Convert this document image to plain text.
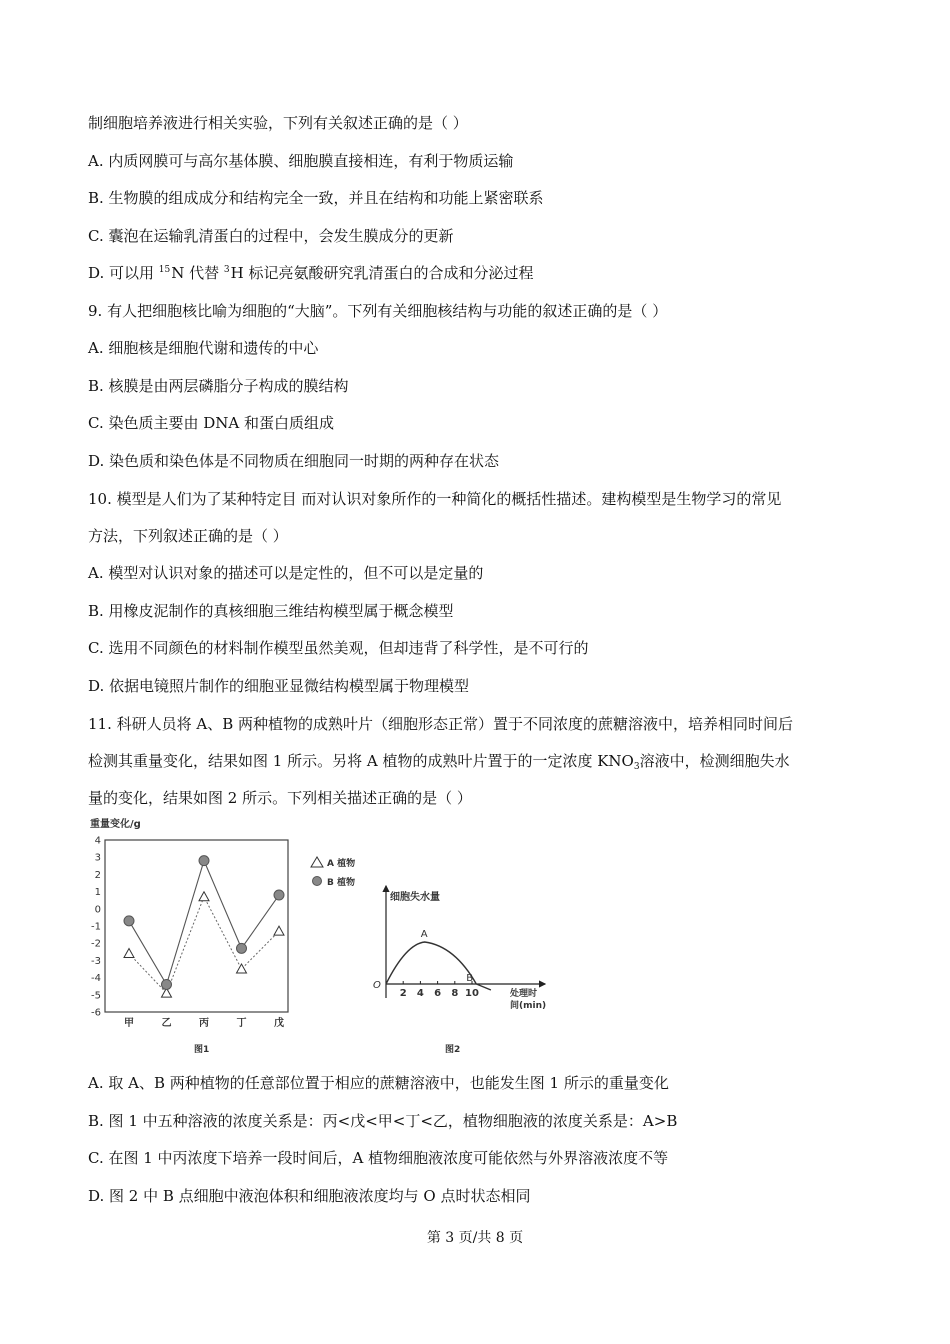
制细胞培养液进行相关实验，下列有关叙述正确的是（ ）
A. 内质网膜可与高尔基体膜、细胞膜直接相连，有利于物质运输
B. 生物膜的组成成分和结构完全一致，并且在结构和功能上紧密联系
C. 囊泡在运输乳清蛋白的过程中，会发生膜成分的更新
D. 可以用 $^{15}$N 代替 $^3$H 标记亮氨酸研究乳清蛋白的合成和分泌过程
9. 有人把细胞核比喻为细胞的“大脑”。下列有关细胞核结构与功能的叙述正确的是（ ）
A. 细胞核是细胞代谢和遗传的中心
B. 核膜是由两层磷脂分子构成的膜结构
C. 染色质主要由 DNA 和蛋白质组成
D. 染色质和染色体是不同物质在细胞同一时期的两种存在状态
10. 模型是人们为了某种特定目 而对认识对象所作的一种简化的概括性描述。建构模型是生物学习的常见
方法，下列叙述正确的是（ ）
A. 模型对认识对象的描述可以是定性的，但不可以是定量的
B. 用橡皮泥制作的真核细胞三维结构模型属于概念模型
C. 选用不同颜色的材料制作模型虽然美观，但却违背了科学性，是不可行的
D. 依据电镜照片制作的细胞亚显微结构模型属于物理模型
11. 科研人员将 A、B 两种植物的成熟叶片（细胞形态正常）置于不同浓度的蔗糖溶液中，培养相同时间后
检测其重量变化，结果如图 1 所示。另将 A 植物的成熟叶片置于的一定浓度 $KNO_3$溶液中，检测细胞失水
量的变化，结果如图 2 所示。下列相关描述正确的是（ ）
重量变化/g
4
3
2
1
0
-1
-2
-3
-4
-5
-6
甲	乙	丙	丁	戊
A 植物
B 植物
图1
细胞失水量
O
2 4 6 8 10
A
B
处理时
间(min)
图2
A. 取 A、B 两种植物的任意部位置于相应的蔗糖溶液中，也能发生图 1 所示的重量变化
B. 图 1 中五种溶液的浓度关系是：丙<戊<甲<丁<乙，植物细胞液的浓度关系是：A>B
C. 在图 1 中丙浓度下培养一段时间后，A 植物细胞液浓度可能依然与外界溶液浓度不等
D. 图 2 中 B 点细胞中液泡体积和细胞液浓度均与 O 点时状态相同
第 3 页/共 8 页
